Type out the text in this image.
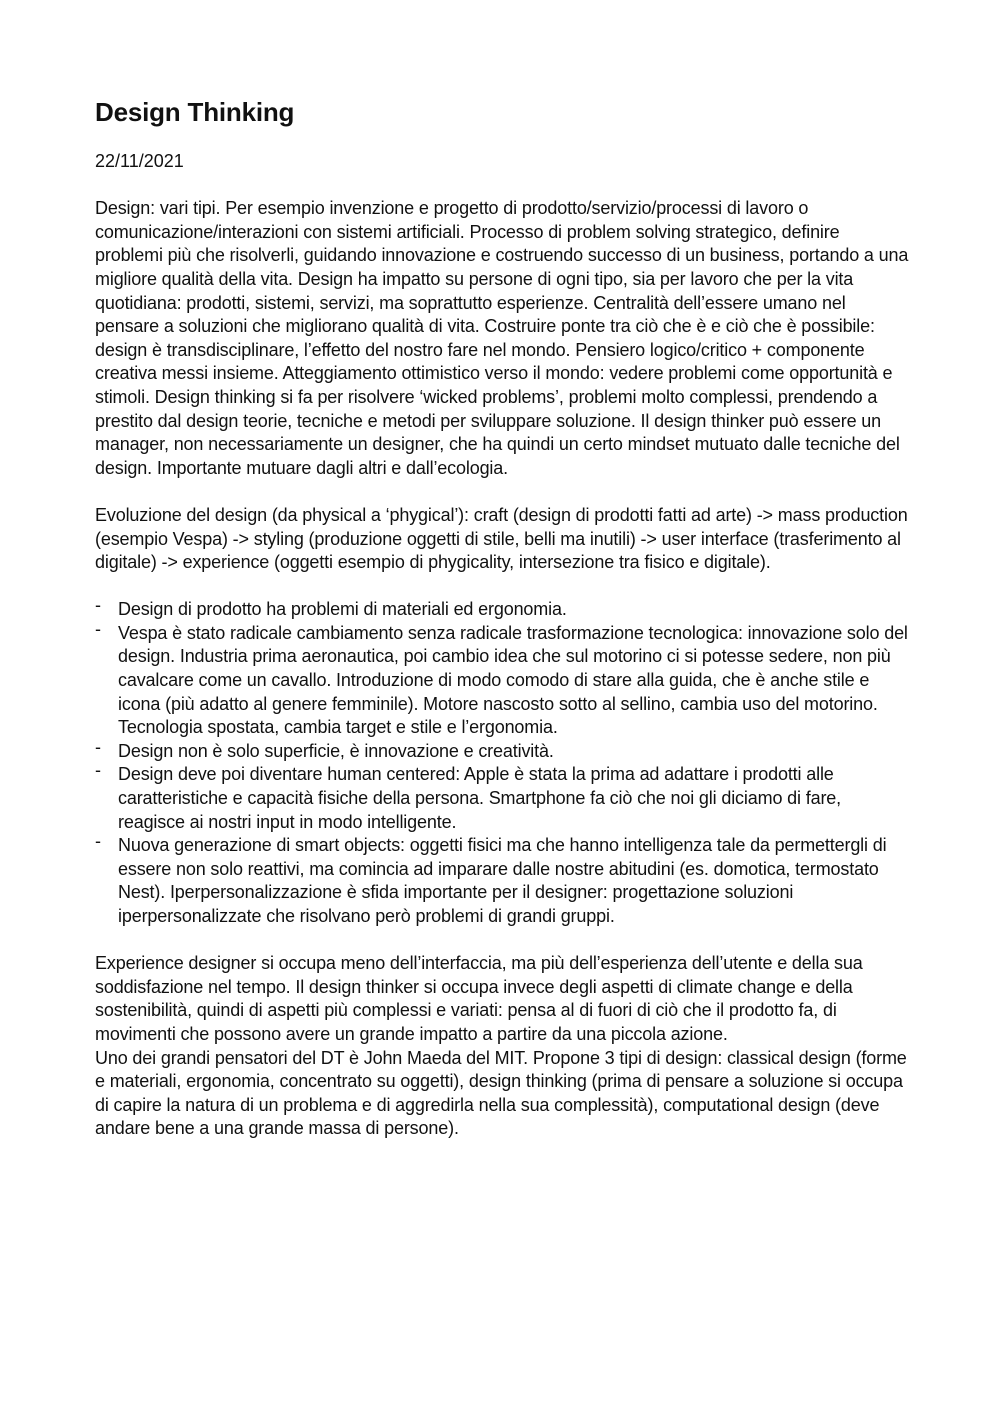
Design Thinking
22/11/2021

Design: vari tipi. Per esempio invenzione e progetto di prodotto/servizio/processi di lavoro o comunicazione/interazioni con sistemi artificiali. Processo di problem solving strategico, definire problemi più che risolverli, guidando innovazione e costruendo successo di un business, portando a una migliore qualità della vita. Design ha impatto su persone di ogni tipo, sia per lavoro che per la vita quotidiana: prodotti, sistemi, servizi, ma soprattutto esperienze. Centralità dell’essere umano nel pensare a soluzioni che migliorano qualità di vita. Costruire ponte tra ciò che è e ciò che è possibile: design è transdisciplinare, l’effetto del nostro fare nel mondo. Pensiero logico/critico + componente creativa messi insieme. Atteggiamento ottimistico verso il mondo: vedere problemi come opportunità e stimoli. Design thinking si fa per risolvere ‘wicked problems’, problemi molto complessi, prendendo a prestito dal design teorie, tecniche e metodi per sviluppare soluzione. Il design thinker può essere un manager, non necessariamente un designer, che ha quindi un certo mindset mutuato dalle tecniche del design. Importante mutuare dagli altri e dall’ecologia.

Evoluzione del design (da physical a ‘phygical’): craft (design di prodotti fatti ad arte) -> mass production (esempio Vespa) -> styling (produzione oggetti di stile, belli ma inutili) -> user interface (trasferimento al digitale) -> experience (oggetti esempio di phygicality, intersezione tra fisico e digitale).

- Design di prodotto ha problemi di materiali ed ergonomia.
- Vespa è stato radicale cambiamento senza radicale trasformazione tecnologica: innovazione solo del design. Industria prima aeronautica, poi cambio idea che sul motorino ci si potesse sedere, non più cavalcare come un cavallo. Introduzione di modo comodo di stare alla guida, che è anche stile e icona (più adatto al genere femminile). Motore nascosto sotto al sellino, cambia uso del motorino. Tecnologia spostata, cambia target e stile e l’ergonomia.
- Design non è solo superficie, è innovazione e creatività.
- Design deve poi diventare human centered: Apple è stata la prima ad adattare i prodotti alle caratteristiche e capacità fisiche della persona. Smartphone fa ciò che noi gli diciamo di fare, reagisce ai nostri input in modo intelligente.
- Nuova generazione di smart objects: oggetti fisici ma che hanno intelligenza tale da permettergli di essere non solo reattivi, ma comincia ad imparare dalle nostre abitudini (es. domotica, termostato Nest). Iperpersonalizzazione è sfida importante per il designer: progettazione soluzioni iperpersonalizzate che risolvano però problemi di grandi gruppi.

Experience designer si occupa meno dell’interfaccia, ma più dell’esperienza dell’utente e della sua soddisfazione nel tempo. Il design thinker si occupa invece degli aspetti di climate change e della sostenibilità, quindi di aspetti più complessi e variati: pensa al di fuori di ciò che il prodotto fa, di movimenti che possono avere un grande impatto a partire da una piccola azione.

Uno dei grandi pensatori del DT è John Maeda del MIT. Propone 3 tipi di design: classical design (forme e materiali, ergonomia, concentrato su oggetti), design thinking (prima di pensare a soluzione si occupa di capire la natura di un problema e di aggredirla nella sua complessità), computational design (deve andare bene a una grande massa di persone).
